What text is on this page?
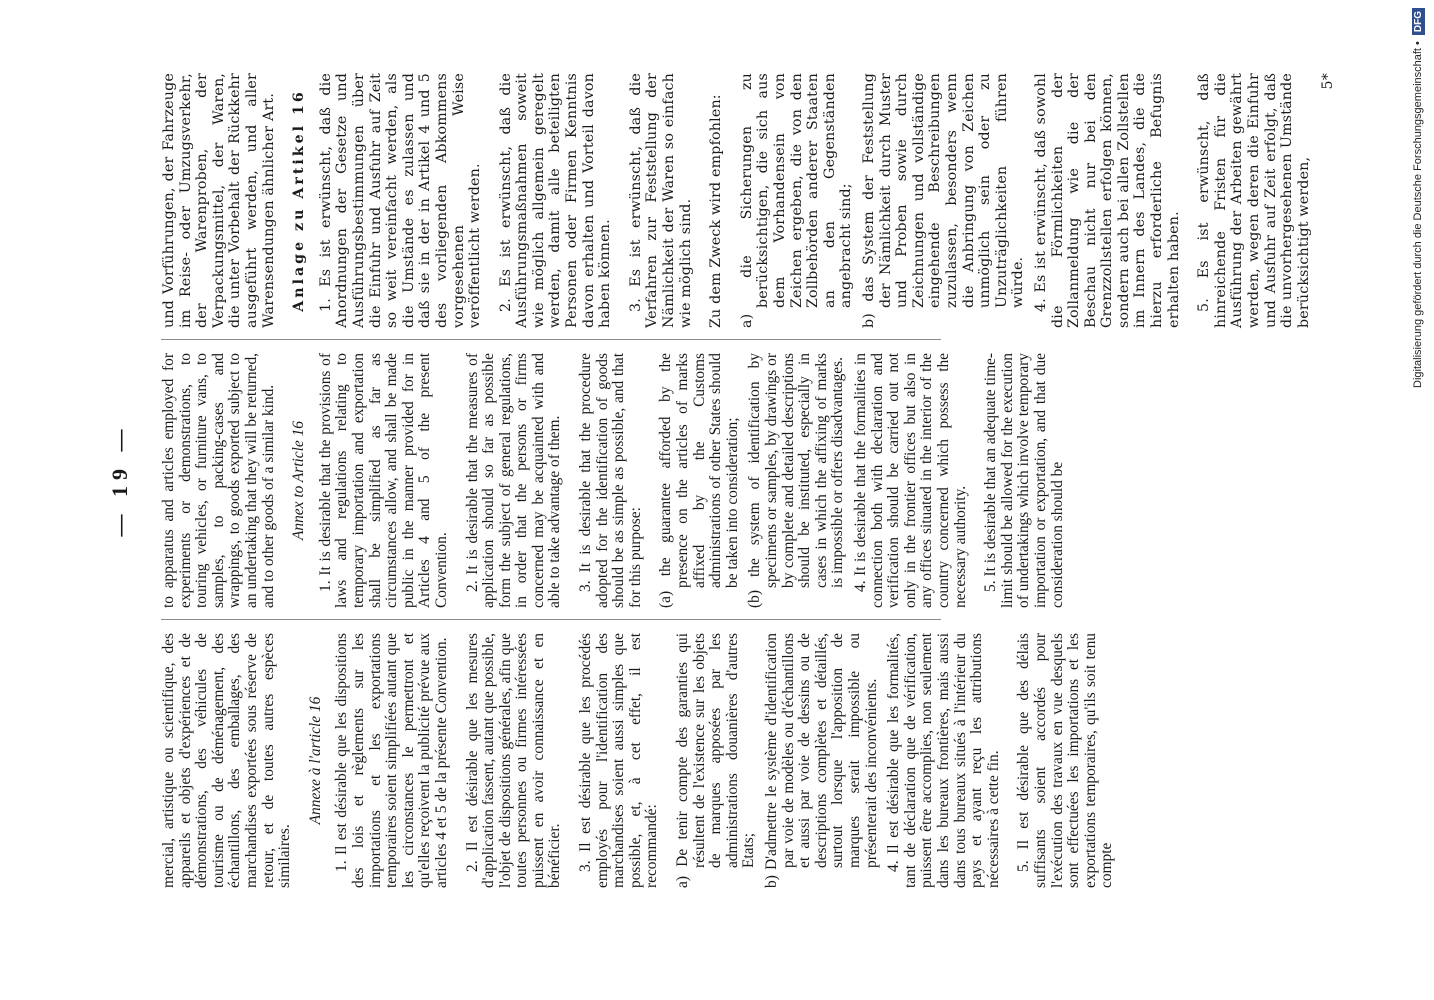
— 19 —

mercial, artistique ou scientifique, des appareils et objets d'expériences et de démonstrations, des véhicules de tourisme ou de déménagement, des échantillons, des emballages, des marchandises exportées sous réserve de retour, et de toutes autres espèces similaires.

Annexe à l'article 16 1. Il est désirable que les dispositions des lois et règlements sur les importations et les exportations temporaires soient simplifiées autant que les circonstances le permettront et qu'elles reçoivent la publicité prévue aux articles 4 et 5 de la présente Convention. 2. Il est désirable que les mesures d'application fassent, autant que possible, l'objet de dispositions générales, afin que toutes personnes ou firmes intéressées puissent en avoir connaissance et en bénéficier. 3. Il est désirable que les procédés employés pour l'identification des marchandises soient aussi simples que possible, et, à cet effet, il est recommandé: a) De tenir compte des garanties qui résultent de l'existence sur les objets de marques apposées par les administrations douanières d'autres Etats; b) D'admettre le système d'identification par voie de modèles ou d'échantillons et aussi par voie de dessins ou de descriptions complètes et détaillés, surtout lorsque l'apposition de marques serait impossible ou présenterait des inconvénients. 4. Il est désirable que les formalités, tant de déclaration que de vérification, puissent être accomplies, non seulement dans les bureaux frontières, mais aussi dans tous bureaux situés à l'intérieur du pays et ayant reçu les attributions nécessaires à cette fin. 5. Il est désirable que des délais suffisants soient accordés pour l'exécution des travaux en vue desquels sont effectuées les importations et les exportations temporaires, qu'ils soit tenu compte

to apparatus and articles employed for experiments or demonstrations, to touring vehicles, or furniture vans, to samples, to packing-cases and wrappings, to goods exported subject to an undertaking that they will be returned, and to other goods of a similar kind. Annex to Article 16 1. It is desirable that the provisions of laws and regulations relating to temporary importation and exportation shall be simplified as far as circumstances allow, and shall be made public in the manner provided for in Articles 4 and 5 of the present Convention. 2. It is desirable that the measures of application should so far as possible form the subject of general regulations, in order that the persons or firms concerned may be acquainted with and able to take advantage of them. 3. It is desirable that the procedure adopted for the identification of goods should be as simple as possible, and that for this purpose: (a) the guarantee afforded by the presence on the articles of marks affixed by the Customs administrations of other States should be taken into consideration; (b) the system of identification by specimens or samples, by drawings or by complete and detailed descriptions should be instituted, especially in cases in which the affixing of marks is impossible or offers disadvantages. 4. It is desirable that the formalities in connection both with declaration and verification should be carried out not only in the frontier offices but also in any offices situated in the interior of the country concerned which possess the necessary authority. 5. It is desirable that an adequate time-limit should be allowed for the execution of undertakings which involve temporary importation or exportation, and that due consideration should be

und Vorführungen, der Fahrzeuge im Reise- oder Umzugsverkehr, der Warenproben, der Verpackungsmittel, der Waren, die unter Vorbehalt der Rückkehr ausgeführt werden, und aller Warensendungen ähnlicher Art. Anlage zu Artikel 16 1. Es ist erwünscht, daß die Anordnungen der Gesetze und Ausführungsbestimmungen über die Einfuhr und Ausfuhr auf Zeit so weit vereinfacht werden, als die Umstände es zulassen und daß sie in der in Artikel 4 und 5 des vorliegenden Abkommens vorgesehenen Weise veröffentlicht werden. 2. Es ist erwünscht, daß die Ausführungsmaßnahmen soweit wie möglich allgemein geregelt werden, damit alle beteiligten Personen oder Firmen Kenntnis davon erhalten und Vorteil davon haben können. 3. Es ist erwünscht, daß die Verfahren zur Feststellung der Nämlichkeit der Waren so einfach wie möglich sind. Zu dem Zweck wird empfohlen: a) die Sicherungen zu berücksichtigen, die sich aus dem Vorhandensein von Zeichen ergeben, die von den Zollbehörden anderer Staaten an den Gegenständen angebracht sind; b) das System der Feststellung der Nämlichkeit durch Muster und Proben sowie durch Zeichnungen und vollständige eingehende Beschreibungen zuzulassen, besonders wenn die Anbringung von Zeichen unmöglich sein oder zu Unzuträglichkeiten führen würde. 4. Es ist erwünscht, daß sowohl die Förmlichkeiten der Zollanmeldung wie die der Beschau nicht nur bei den Grenzzollstellen erfolgen können, sondern auch bei allen Zollstellen im Innern des Landes, die die hierzu erforderliche Befugnis erhalten haben. 5. Es ist erwünscht, daß hinreichende Fristen für die Ausführung der Arbeiten gewährt werden, wegen deren die Einfuhr und Ausfuhr auf Zeit erfolgt, daß die unvorhergesehenen Umstände berücksichtigt werden,

5*	Digitalisierung gefördert durch die Deutsche Forschungsgemeinschaft •
DFG
